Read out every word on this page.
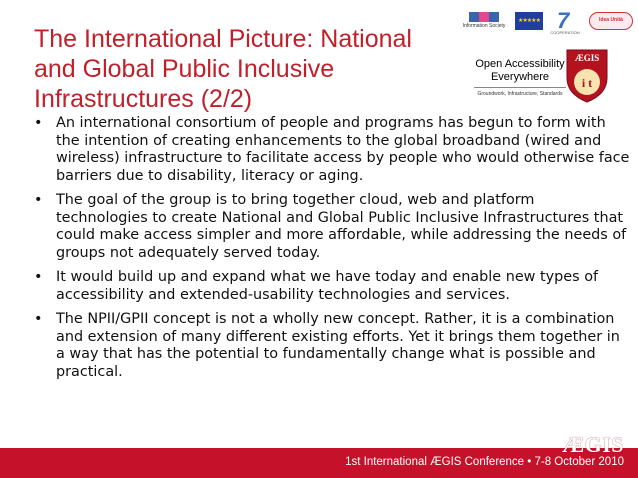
The International Picture: National
and Global Public Inclusive
Infrastructures (2/2)
Information Society
★★★★★ 7
COOPERATION
Idea Unità
Open Accessibility
Everywhere
Groundwork, Infrastructure, Standards
ÆGIS
i t
• An international consortium of people and programs has begun to form with the intention of creating enhancements to the global broadband (wired and wireless) infrastructure to facilitate access by people who would otherwise face barriers due to disability, literacy or aging.
• The goal of the group is to bring together cloud, web and platform technologies to create National and Global Public Inclusive Infrastructures that could make access simpler and more affordable, while addressing the needs of groups not adequately served today.
• It would build up and expand what we have today and enable new types of accessibility and extended-usability technologies and services.
• The NPII/GPII concept is not a wholly new concept. Rather, it is a combination and extension of many different existing efforts. Yet it brings them together in a way that has the potential to fundamentally change what is possible and practical.
ÆGIS
1st International ÆGIS Conference • 7-8 October 2010
